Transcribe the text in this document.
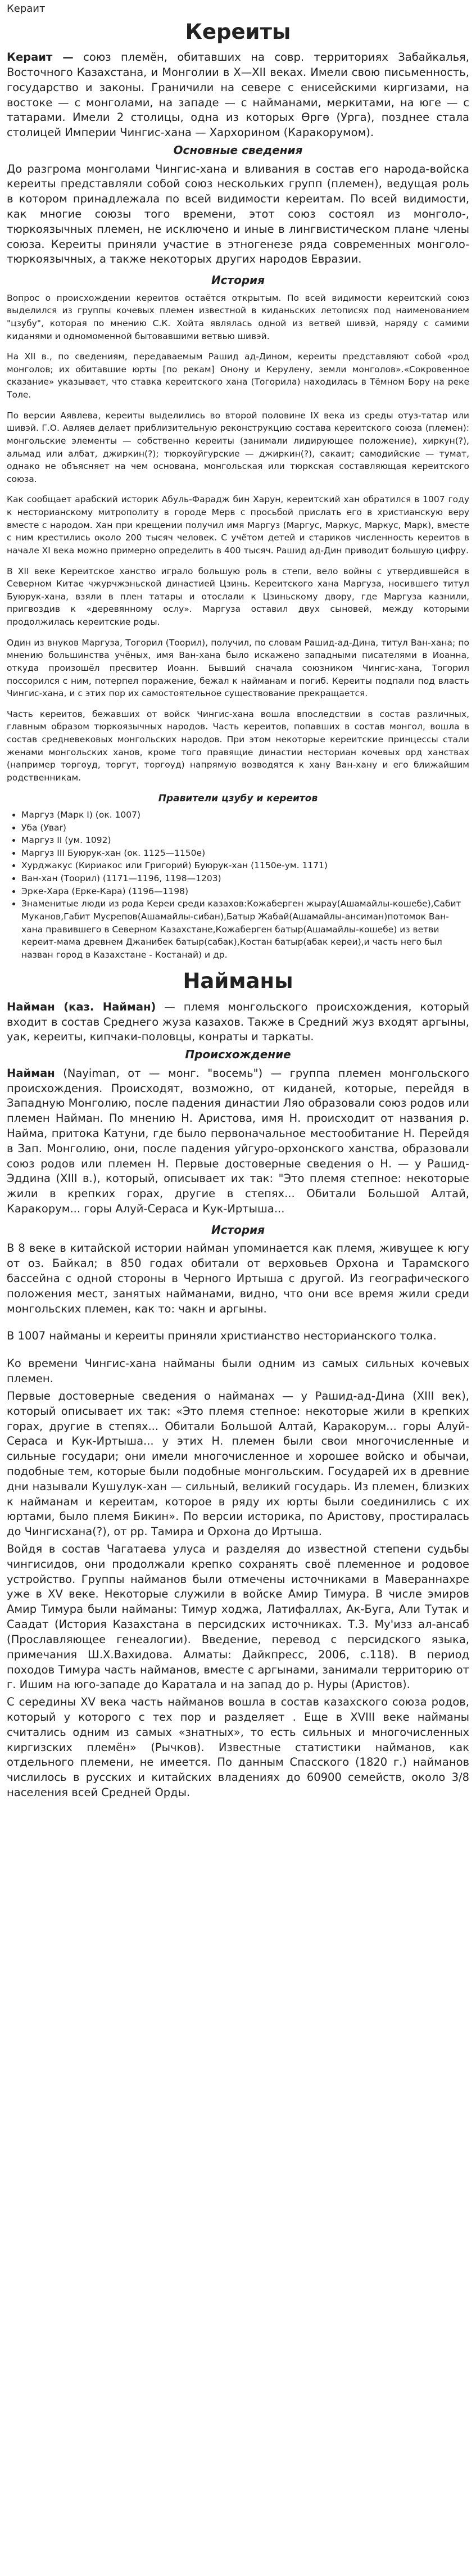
Кераит
Кереиты

Кераит — союз племён, обитавших на совр. территориях Забайкалья, Восточного Казахстана, и Монголии в X—XII веках. Имели свою письменность, государство и законы. Граничили на севере с енисейскими киргизами, на востоке — с монголами, на западе — с найманами, меркитами, на юге — с татарами. Имели 2 столицы, одна из которых Ѳргѳ (Урга), позднее стала столицей Империи Чингис-хана — Хархорином (Каракорумом).

Основные сведения

До разгрома монголами Чингис-хана и вливания в состав его народа-войска кереиты представляли собой союз нескольких групп (племен), ведущая роль в котором принадлежала по всей видимости кереитам. По всей видимости, как многие союзы того времени, этот союз состоял из монголо-, тюркоязычных племен, не исключено и иные в лингвистическом плане члены союза. Кереиты приняли участие в этногенезе ряда современных монголо-тюркоязычных, а также некоторых других народов Евразии.

История

Вопрос о происхождении кереитов остаётся открытым. По всей видимости кереитский союз выделился из группы кочевых племен известной в киданьских летописях под наименованием "цзубу", которая по мнению С.К. Хойта являлась одной из ветвей шивэй, наряду с самими киданями и одномоменной бытовавшими ветвью шивэй.

На XII в., по сведениям, передаваемым Рашид ад-Дином, кереиты представляют собой «род монголов; их обитавшие юрты [по рекам] Онону и Керулену, земли монголов».«Сокровенное сказание» указывает, что ставка кереитского хана (Тогорила) находилась в Тёмном Бору на реке Толе.

По версии Аявлева, кереиты выделились во второй половине IX века из среды отуз-татар или шивэй. Г.О. Авляев делает приблизительную реконструкцию состава кереитского союза (племен): монгольские элементы — собственно кереиты (занимали лидирующее положение), хиркун(?), альмад или албат, джиркин(?); тюркоуйгурские — джиркин(?), сакаит; самодийские — тумат, однако не объясняет на чем основана, монгольская или тюркская составляющая кереитского союза.

Как сообщает арабский историк Абуль-Фарадж бин Харун, кереитский хан обратился в 1007 году к несторианскому митрополиту в городе Мерв с просьбой прислать его в христианскую веру вместе с народом. Хан при крещении получил имя Маргуз (Маргус, Маркус, Маркус, Марк), вместе с ним крестились около 200 тысяч человек. С учётом детей и стариков численность кереитов в начале XI века можно примерно определить в 400 тысяч. Рашид ад-Дин приводит большую цифру.

В XII веке Кереитское ханство играло большую роль в степи, вело войны с утвердившейся в Северном Китае чжурчжэньской династией Цзинь. Кереитского хана Маргуза, носившего титул Буюрук-хана, взяли в плен татары и отослали к Цзиньскому двору, где Маргуза казнили, пригвоздив к «деревянному ослу». Маргуза оставил двух сыновей, между которыми продолжилась кереитские роды.

Один из внуков Маргуза, Тогорил (Тоорил), получил, по словам Рашид-ад-Дина, титул Ван-хана; по мнению большинства учёных, имя Ван-хана было искажено западными писателями в Иоанна, откуда произошёл пресвитер Иоанн. Бывший сначала союзником Чингис-хана, Тогорил поссорился с ним, потерпел поражение, бежал к найманам и погиб. Кереиты подпали под власть Чингис-хана, и с этих пор их самостоятельное существование прекращается.

Часть кереитов, бежавших от войск Чингис-хана вошла впоследствии в состав различных, главным образом тюркоязычных народов. Часть кереитов, попавших в состав монгол, вошла в состав средневековых монгольских народов. При этом некоторые кереитские принцессы стали женами монгольских ханов, кроме того правящие династии несториан кочевых орд ханствах (например торгоуд, торгут, торгоуд) напрямую возводятся к хану Ван-хану и его ближайшим родственникам.

Правители цзубу и кереитов
• Маргуз (Марк I) (ок. 1007)
• Убa (Уваr)
• Маргуз II (ум. 1092)
• Маргуз III Буюрук-хан (ок. 1125—1150е)
• Хурджакус (Кириакос или Григорий) Буюрук-хан (1150е-ум. 1171)
• Ван-хан (Тоорил) (1171—1196, 1198—1203)
• Эрке-Хара (Ерке-Кара) (1196—1198)
• Знаменитые люди из рода Кереи среди казахов:Кожаберген жырау(Ашамайлы-кошебе),Сабит Муканов,Габит Мусрепов(Ашамайлы-сибан),Батыр Жабай(Ашамайлы-ансиман)потомок Ван-хана правившего в Северном Казахстане,Кожаберген батыр(Ашамайлы-кошебе) из ветви кереит-мама древнем Джанибек батыр(сабак),Костан батыр(абак кереи),и часть него был назван город в Казахстане - Костанай) и др.
Найманы

Найман (каз. Найман) — племя монгольского происхождения, который входит в состав Среднего жуза казахов. Также в Средний жуз входят аргыны, уак, кереиты, кипчаки-половцы, конраты и таркаты.

Происхождение

Найман (Nayiman, от — монг. "восемь") — группа племен монгольского происхождения. Происходят, возможно, от киданей, которые, перейдя в Западную Монголию, после падения династии Ляо образовали союз родов или племен Найман. По мнению Н. Аристова, имя Н. происходит от названия р. Найма, притока Катуни, где было первоначальное местообитание Н. Перейдя в Зап. Монголию, они, после падения уйгуро-орхонского ханства, образовали союз родов или племен Н. Первые достоверные сведения о Н. — у Рашид-Эддина (XIII в.), который, описывает их так: "Это племя степное: некоторые жили в крепких горах, другие в степях... Обитали Большой Алтай, Каракорум... горы Алуй-Сераса и Кук-Иртыша...

История

В 8 веке в китайской истории найман упоминается как племя, живущее к югу от оз. Байкал; в 850 годах обитали от верховьев Орхона и Тарамского бассейна с одной стороны в Черного Иртыша с другой. Из географического положения мест, занятых найманами, видно, что они все время жили среди монгольских племен, как то: чакн и аргыны.

В 1007 найманы и кереиты приняли христианство несторианского толка.

Ко времени Чингис-хана найманы были одним из самых сильных кочевых племен.

Первые достоверные сведения о найманах — у Рашид-ад-Дина (XIII век), который описывает их так: «Это племя степное: некоторые жили в крепких горах, другие в степях... Обитали Большой Алтай, Каракорум... горы Алуй-Сераса и Кук-Иртыша... у этих Н. племен были свои многочисленные и сильные государи; они имели многочисленное и хорошее войско и обычаи, подобные тем, которые были подобные монгольским. Государей их в древние дни называли Кушулук-хан — сильный, великий государь. Из племен, близких к найманам и кереитам, которое в ряду их юрты были соединились с их юртами, было племя Бикин». По версии историка, по Аристову, простиралась до Чингисхана(?), от рр. Тамира и Орхона до Иртыша.

Войдя в состав Чагатаева улуса и разделяя до известной степени судьбы чингисидов, они продолжали крепко сохранять своё племенное и родовое устройство. Группы найманов были отмечены источниками в Мавераннахре уже в XV веке. Некоторые служили в войске Амир Тимура. В числе эмиров Амир Тимура были найманы: Тимур ходжа, Латифаллах, Ак-Буга, Али Тутак и Саадат (История Казахстана в персидских источниках. Т.3. Му'изз ал-ансаб (Прославляющее генеалогии). Введение, перевод с персидского языка, примечания Ш.Х.Вахидова. Алматы: Дайкпресс, 2006, с.118). В период походов Тимура часть найманов, вместе с аргынами, занимали территорию от г. Ишим на юго-западе до Каратала и на запад до р. Нуры (Аристов).

С середины XV века часть найманов вошла в состав казахского союза родов, который у которого с тех пор и разделяет . Еще в XVIII веке найманы считались одним из самых «знатных», то есть сильных и многочисленных киргизских племён» (Рычков). Известные статистики найманов, как отдельного племени, не имеется. По данным Спасского (1820 г.) найманов числилось в русских и китайских владениях до 60900 семейств, около 3/8 населения всей Средней Орды.
